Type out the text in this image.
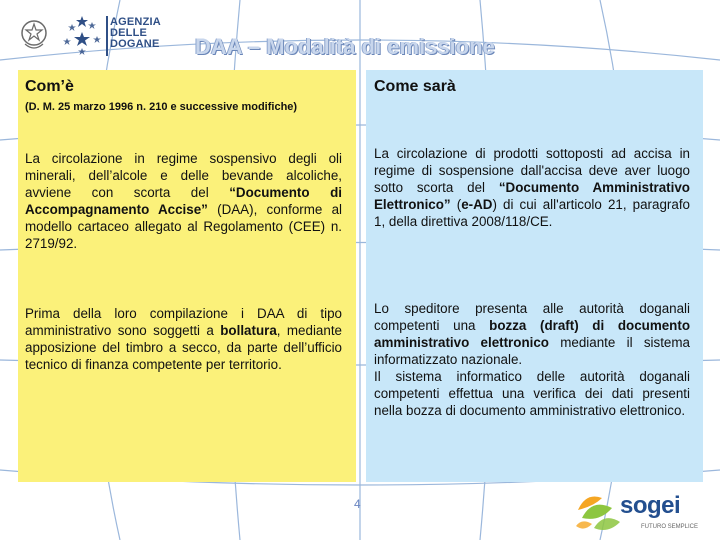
AGENZIA
DELLE
DOGANE	DAA – Modalità di emissione
Com’è	Come sarà
(D. M. 25 marzo 1996 n. 210 e successive modifiche)

La circolazione in regime sospensivo degli oli minerali, dell’alcole e delle bevande alcoliche, avviene con scorta del “Documento di Accompagnamento Accise” (DAA), conforme al modello cartaceo allegato al Regolamento (CEE) n. 2719/92.

Prima della loro compilazione i DAA di tipo amministrativo sono soggetti a bollatura, mediante apposizione del timbro a secco, da parte dell’ufficio tecnico di finanza competente per territorio.

La circolazione di prodotti sottoposti ad accisa in regime di sospensione dall'accisa deve aver luogo sotto scorta del “Documento Amministrativo Elettronico” (e-AD) di cui all'articolo 21, paragrafo 1, della direttiva 2008/118/CE.

Lo speditore presenta alle autorità doganali competenti una bozza (draft) di documento amministrativo elettronico mediante il sistema informatizzato nazionale.
Il sistema informatico delle autorità doganali competenti effettua una verifica dei dati presenti nella bozza di documento amministrativo elettronico.

4	sogei
FUTURO SEMPLICE
